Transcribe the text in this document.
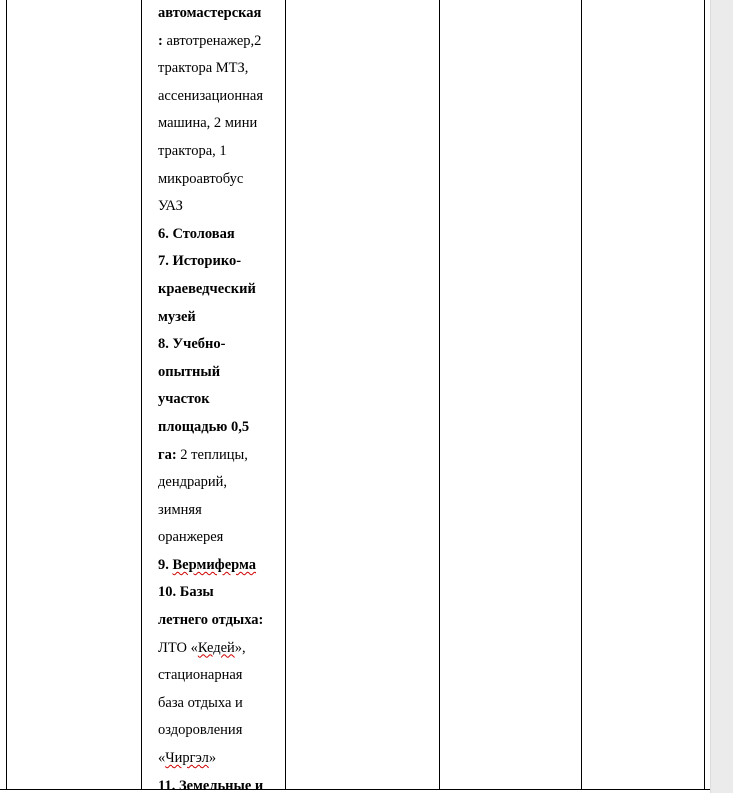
автомастерская
: автотренажер,2
трактора МТЗ,
ассенизационная
машина, 2 мини
трактора, 1
микроавтобус
УАЗ
6. Столовая
7. Историко-
краеведческий
музей
8. Учебно-
опытный
участок
площадью 0,5
га: 2 теплицы,
дендрарий,
зимняя
оранжерея
9. Вермиферма
10. Базы
летнего отдыха:
ЛТО «Кедей»,
стационарная
база отдыха и
оздоровления
«Чиргэл»
11. Земельные и
